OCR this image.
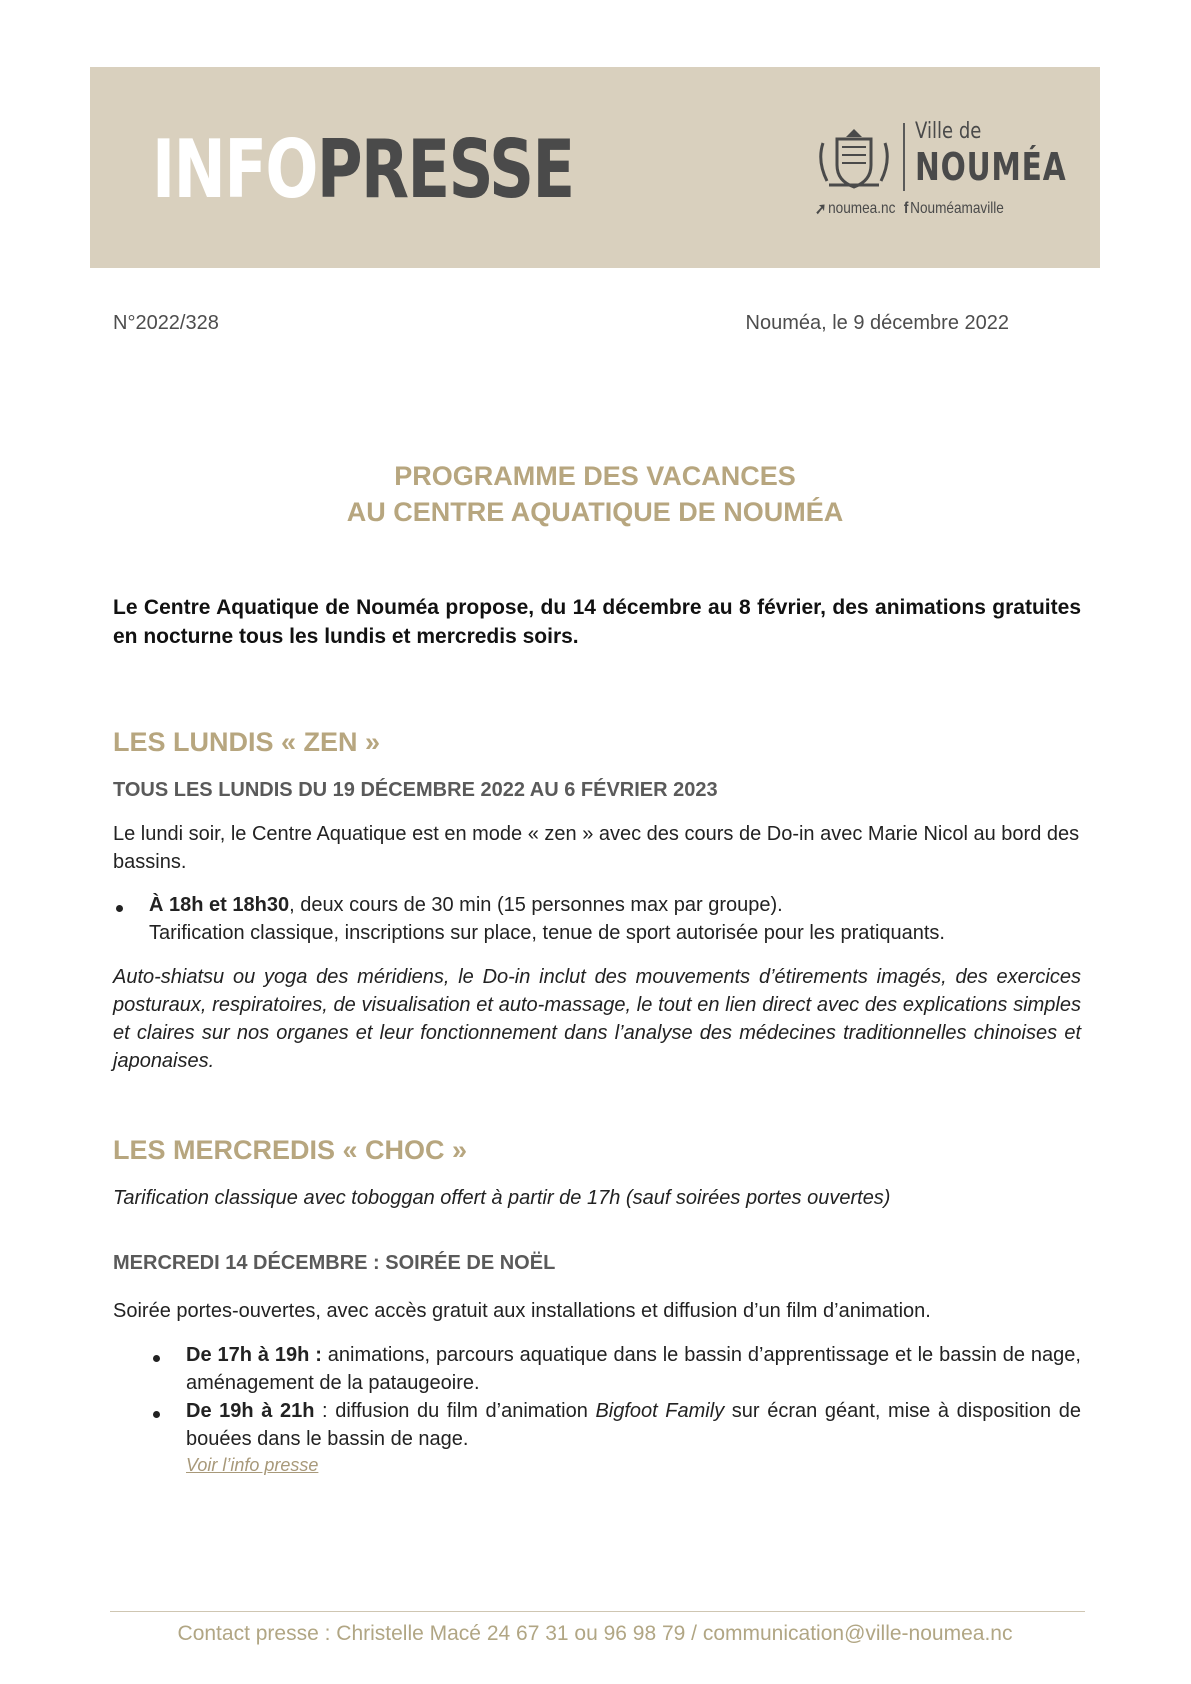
INFOPRESSE	Ville de
NOUMÉA
➚ noumea.nc f Nouméamaville
N°2022/328	Nouméa, le 9 décembre 2022
PROGRAMME DES VACANCES
AU CENTRE AQUATIQUE DE NOUMÉA
Le Centre Aquatique de Nouméa propose, du 14 décembre au 8 février, des animations gratuites en nocturne tous les lundis et mercredis soirs.
LES LUNDIS « ZEN »
TOUS LES LUNDIS DU 19 DÉCEMBRE 2022 AU 6 FÉVRIER 2023
Le lundi soir, le Centre Aquatique est en mode « zen » avec des cours de Do-in avec Marie Nicol au bord des bassins.
À 18h et 18h30, deux cours de 30 min (15 personnes max par groupe).
Tarification classique, inscriptions sur place, tenue de sport autorisée pour les pratiquants.
Auto-shiatsu ou yoga des méridiens, le Do-in inclut des mouvements d’étirements imagés, des exercices posturaux, respiratoires, de visualisation et auto-massage, le tout en lien direct avec des explications simples et claires sur nos organes et leur fonctionnement dans l’analyse des médecines traditionnelles chinoises et japonaises.
LES MERCREDIS « CHOC »
Tarification classique avec toboggan offert à partir de 17h (sauf soirées portes ouvertes)
MERCREDI 14 DÉCEMBRE : SOIRÉE DE NOËL
Soirée portes-ouvertes, avec accès gratuit aux installations et diffusion d’un film d’animation.
De 17h à 19h : animations, parcours aquatique dans le bassin d’apprentissage et le bassin de nage, aménagement de la pataugeoire.
De 19h à 21h : diffusion du film d’animation Bigfoot Family sur écran géant, mise à disposition de bouées dans le bassin de nage.
Voir l’info presse
Contact presse : Christelle Macé 24 67 31 ou 96 98 79 / communication@ville-noumea.nc
